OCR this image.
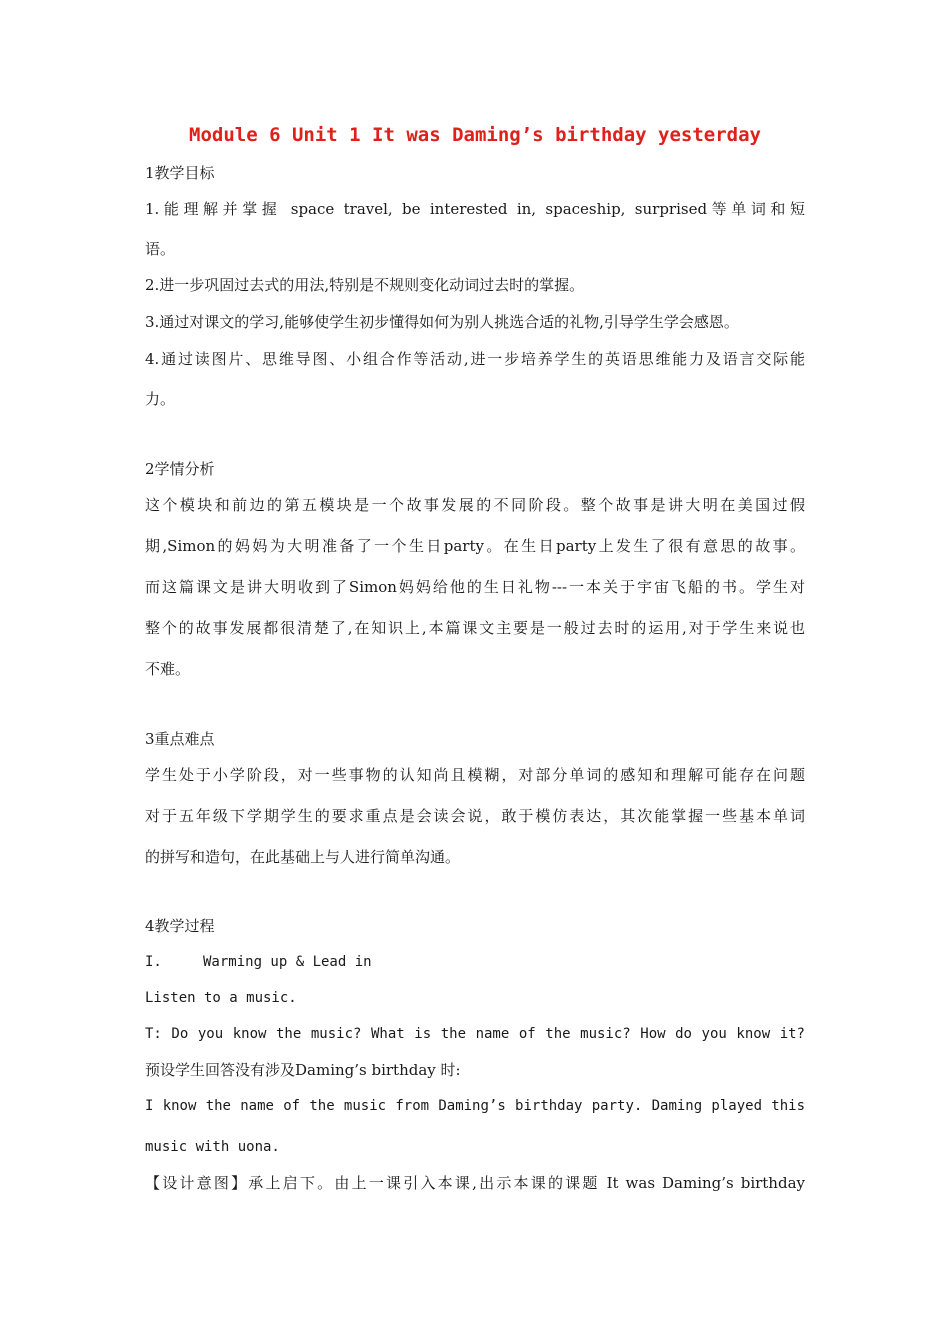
Module 6 Unit 1 It was Daming’s birthday yesterday
1教学目标
1.能理解并掌握 space travel, be interested in, spaceship, surprised等单词和短
语。
2.进一步巩固过去式的用法,特别是不规则变化动词过去时的掌握。
3.通过对课文的学习,能够使学生初步懂得如何为别人挑选合适的礼物,引导学生学会感恩。
4.通过读图片、思维导图、小组合作等活动,进一步培养学生的英语思维能力及语言交际能
力。
2学情分析
这个模块和前边的第五模块是一个故事发展的不同阶段。整个故事是讲大明在美国过假
期,Simon的妈妈为大明准备了一个生日party。在生日party上发生了很有意思的故事。
而这篇课文是讲大明收到了Simon妈妈给他的生日礼物---一本关于宇宙飞船的书。学生对
整个的故事发展都很清楚了,在知识上,本篇课文主要是一般过去时的运用,对于学生来说也
不难。
3重点难点
学生处于小学阶段，对一些事物的认知尚且模糊，对部分单词的感知和理解可能存在问题
对于五年级下学期学生的要求重点是会读会说，敢于模仿表达，其次能掌握一些基本单词
的拼写和造句，在此基础上与人进行简单沟通。
4教学过程
I.	Warming up & Lead in
Listen to a music.
T: Do you know the music? What is the name of the music? How do you know it?
预设学生回答没有涉及Daming’s birthday 时:
I know the name of the music from Daming’s birthday party. Daming played this
music with uona.
【设计意图】承上启下。由上一课引入本课,出示本课的课题 It was Daming’s birthday
